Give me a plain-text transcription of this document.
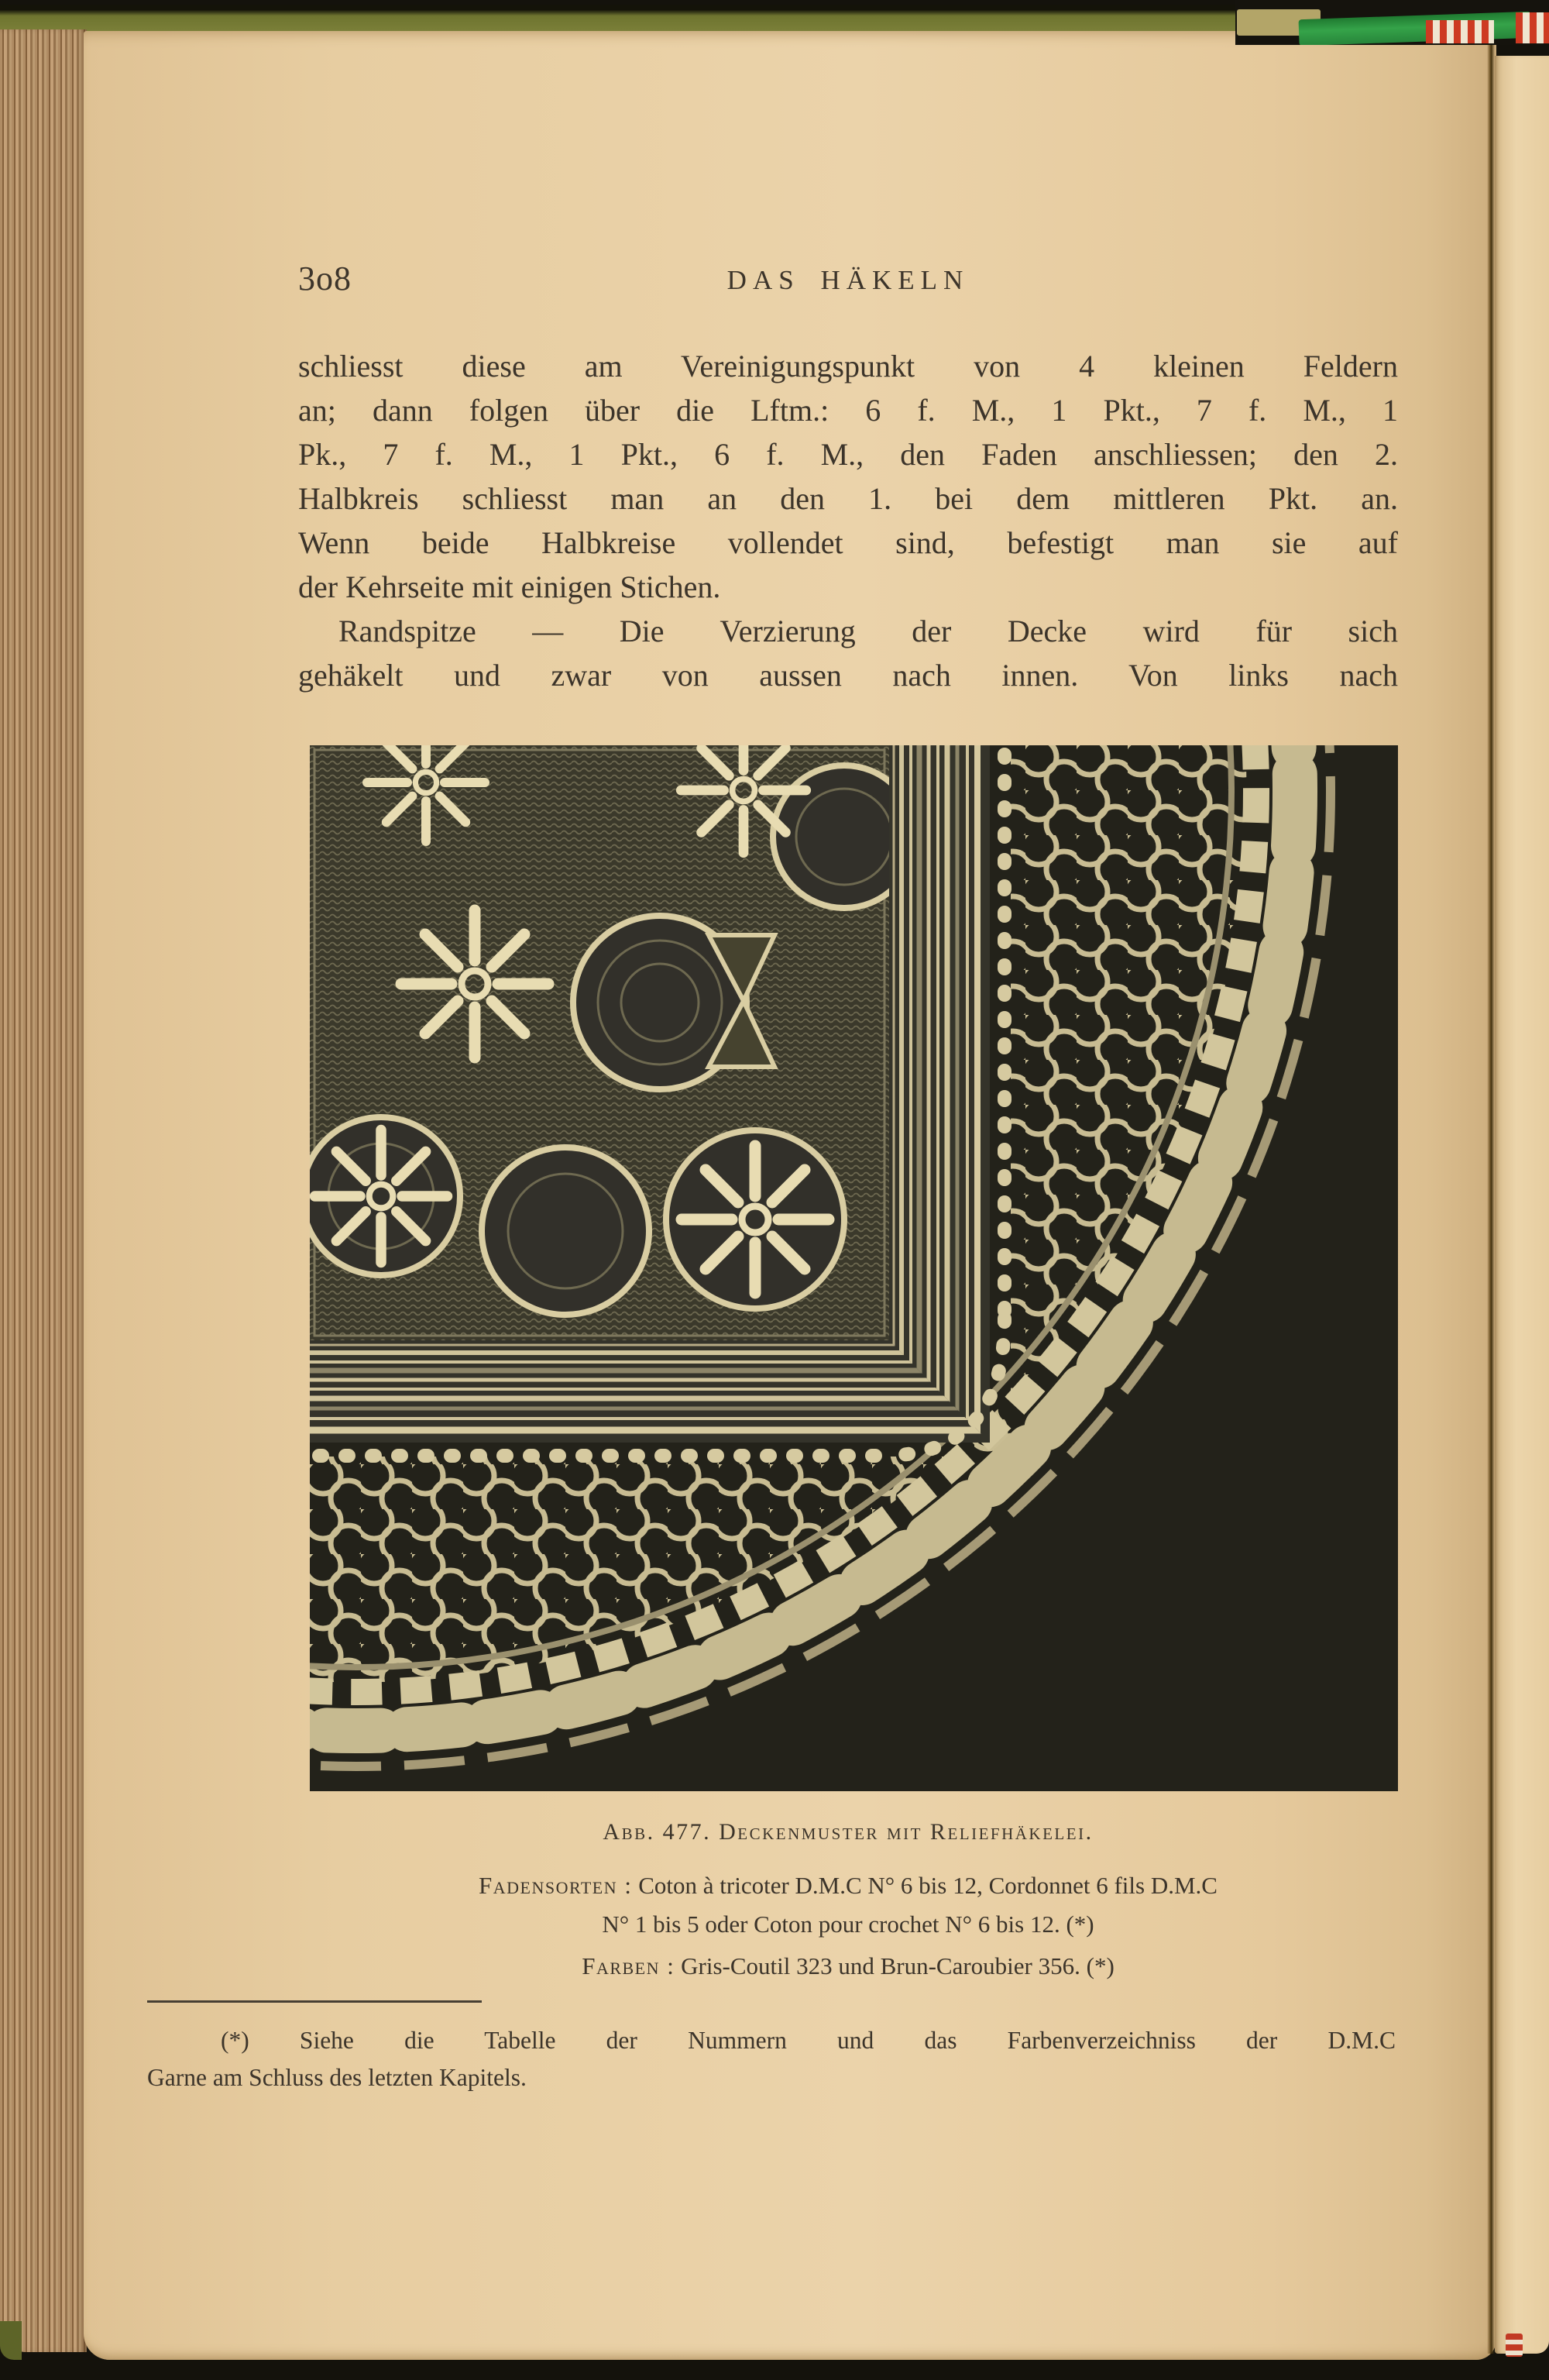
3o8	DAS HÄKELN
schliesst diese am Vereinigungspunkt von 4 kleinen Feldern
an; dann folgen über die Lftm.: 6 f. M., 1 Pkt., 7 f. M., 1
Pk., 7 f. M., 1 Pkt., 6 f. M., den Faden anschliessen; den 2.
Halbkreis schliesst man an den 1. bei dem mittleren Pkt. an.
Wenn beide Halbkreise vollendet sind, befestigt man sie auf
der Kehrseite mit einigen Stichen.
Randspitze — Die Verzierung der Decke wird für sich
gehäkelt und zwar von aussen nach innen. Von links nach
Abb. 477. Deckenmuster mit Reliefhäkelei.
Fadensorten : Coton à tricoter D.M.C N° 6 bis 12, Cordonnet 6 fils D.M.C
N° 1 bis 5 oder Coton pour crochet N° 6 bis 12. (*)
Farben : Gris-Coutil 323 und Brun-Caroubier 356. (*)
(*) Siehe die Tabelle der Nummern und das Farbenverzeichniss der D.M.C
Garne am Schluss des letzten Kapitels.
